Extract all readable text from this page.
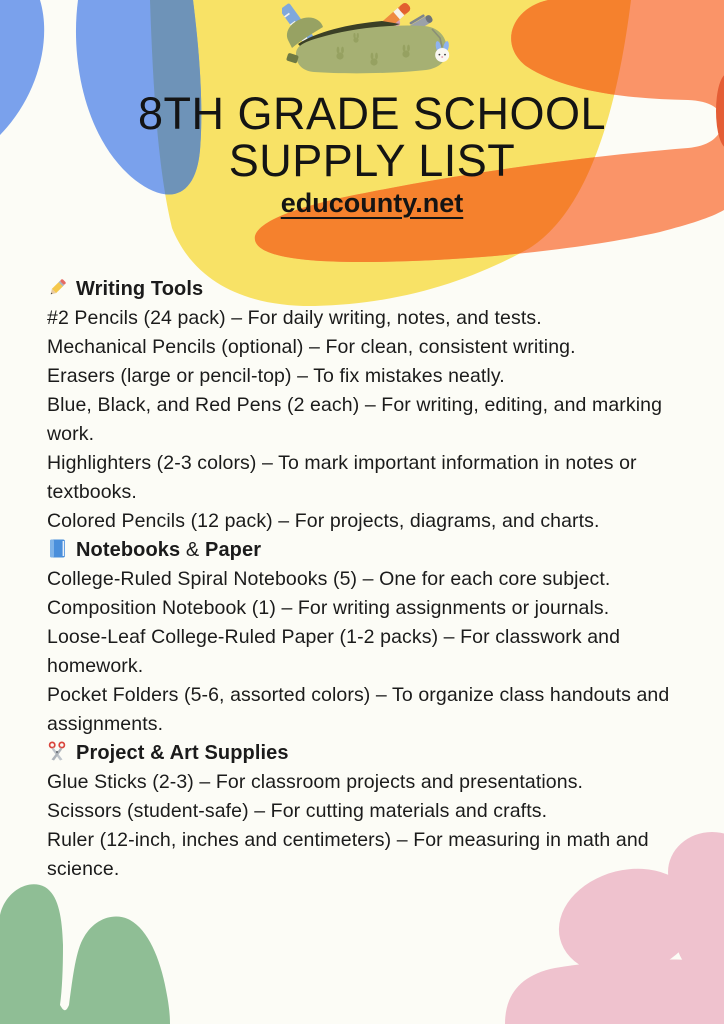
8TH GRADE SCHOOL
SUPPLY LIST
educounty.net

Writing Tools

#2 Pencils (24 pack) – For daily writing, notes, and tests.

Mechanical Pencils (optional) – For clean, consistent writing.

Erasers (large or pencil-top) – To fix mistakes neatly.

Blue, Black, and Red Pens (2 each) – For writing, editing, and marking work.

Highlighters (2-3 colors) – To mark important information in notes or textbooks.

Colored Pencils (12 pack) – For projects, diagrams, and charts.

Notebooks & Paper

College-Ruled Spiral Notebooks (5) – One for each core subject.

Composition Notebook (1) – For writing assignments or journals.

Loose-Leaf College-Ruled Paper (1-2 packs) – For classwork and homework.

Pocket Folders (5-6, assorted colors) – To organize class handouts and assignments.

Project & Art Supplies

Glue Sticks (2-3) – For classroom projects and presentations.

Scissors (student-safe) – For cutting materials and crafts.

Ruler (12-inch, inches and centimeters) – For measuring in math and science.
